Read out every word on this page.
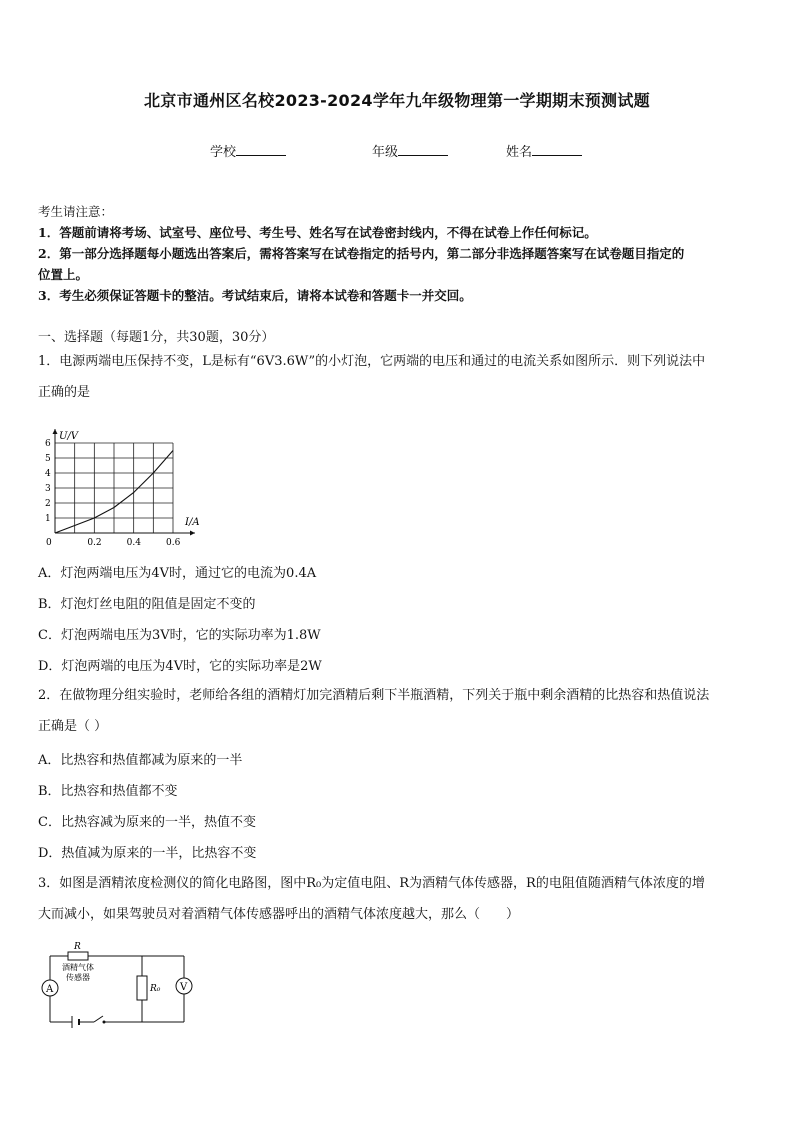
北京市通州区名校2023-2024学年九年级物理第一学期期末预测试题
学校	年级	姓名
考生请注意：
1．答题前请将考场、试室号、座位号、考生号、姓名写在试卷密封线内，不得在试卷上作任何标记。
2．第一部分选择题每小题选出答案后，需将答案写在试卷指定的括号内，第二部分非选择题答案写在试卷题目指定的
位置上。
3．考生必须保证答题卡的整洁。考试结束后，请将本试卷和答题卡一并交回。
一、选择题（每题1分，共30题，30分）
1．电源两端电压保持不变，L是标有“6V3.6W”的小灯泡，它两端的电压和通过的电流关系如图所示．则下列说法中
正确的是
1
2
3
4
5
6
0.2	0.4	0.6
U/V
I/A
0
A．灯泡两端电压为4V时，通过它的电流为0.4A
B．灯泡灯丝电阻的阻值是固定不变的
C．灯泡两端电压为3V时，它的实际功率为1.8W
D．灯泡两端的电压为4V时，它的实际功率是2W
2．在做物理分组实验时，老师给各组的酒精灯加完酒精后剩下半瓶酒精，下列关于瓶中剩余酒精的比热容和热值说法
正确是（ ）
A．比热容和热值都减为原来的一半
B．比热容和热值都不变
C．比热容减为原来的一半，热值不变
D．热值减为原来的一半，比热容不变
3．如图是酒精浓度检测仪的简化电路图，图中R₀为定值电阻、R为酒精气体传感器，R的电阻值随酒精气体浓度的增
大而减小，如果驾驶员对着酒精气体传感器呼出的酒精气体浓度越大，那么（　　）
R
酒精气体
传感器
A	V
R₀
